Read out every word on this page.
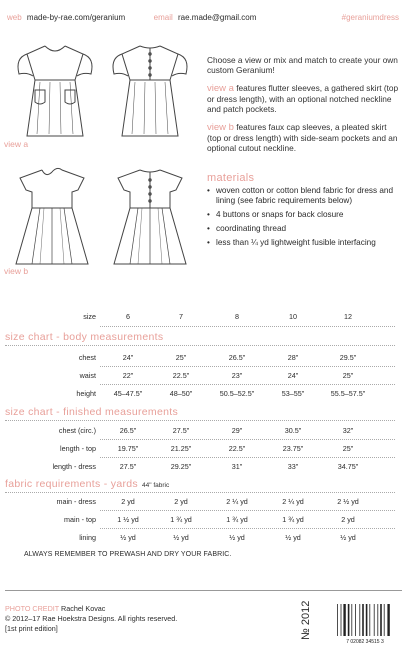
web made-by-rae.com/geranium	email rae.made@gmail.com	#geraniumdress
view a
view b

Choose a view or mix and match to create your own custom Geranium!

view a features flutter sleeves, a gathered skirt (top or dress length), with an optional notched neckline and patch pockets.

view b features faux cap sleeves, a pleated skirt (top or dress length) with side-seam pockets and an optional cutout neckline.

materials
• woven cotton or cotton blend fabric for dress and lining (see fabric requirements below)
• 4 buttons or snaps for back closure
• coordinating thread
• less than ¼ yd lightweight fusible interfacing
size	6	7	8	10	12
size chart - body measurements
chest	24"	25"	26.5"	28"	29.5"
waist	22"	22.5"	23"	24"	25"
height	45–47.5"	48–50"	50.5–52.5"	53–55"	55.5–57.5"
size chart - finished measurements
chest (circ.)	26.5"	27.5"	29"	30.5"	32"
length - top	19.75"	21.25"	22.5"	23.75"	25"
length - dress	27.5"	29.25"	31"	33"	34.75"
fabric requirements - yards 44" fabric
main - dress	2 yd	2 yd	2 ¼ yd	2 ¼ yd	2 ½ yd
main - top	1 ½ yd	1 ¾ yd	1 ¾ yd	1 ¾ yd	2 yd
lining	½ yd	½ yd	½ yd	½ yd	½ yd
ALWAYS REMEMBER TO PREWASH AND DRY YOUR FABRIC.
PHOTO CREDIT Rachel Kovac
© 2012–17 Rae Hoekstra Designs. All rights reserved.
[1st print edition]	№ 2012
7 02082 34515 3
